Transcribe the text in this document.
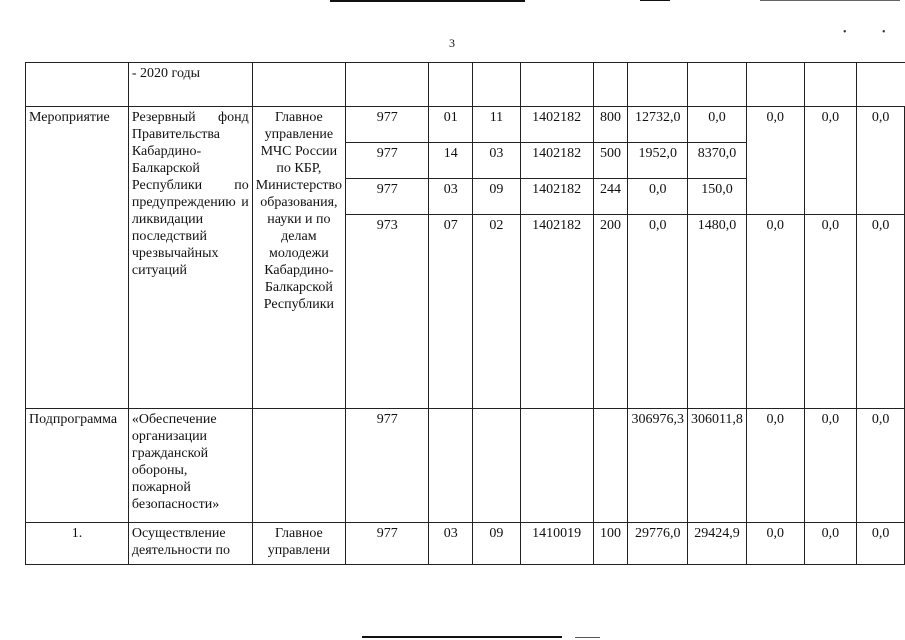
•	•
3
	- 2020 годы											
Мероприятие	Резервный фонд Правительства Кабардино-Балкарской Республики по предупреждению и ликвидации последствий чрезвычайных ситуаций	Главное управление МЧС России по КБР, Министерство образования, науки и по делам молодежи Кабардино-Балкарской Республики	977	01	11	1402182	800	12732,0	0,0	0,0	0,0	0,0
			977	14	03	1402182	500	1952,0	8370,0			
			977	03	09	1402182	244	0,0	150,0			
			973	07	02	1402182	200	0,0	1480,0	0,0	0,0	0,0
Подпрограмма	«Обеспечение организации гражданской обороны, пожарной безопасности»		977					306976,3	306011,8	0,0	0,0	0,0
1.	Осуществление деятельности по	Главное управлени	977	03	09	1410019	100	29776,0	29424,9	0,0	0,0	0,0
